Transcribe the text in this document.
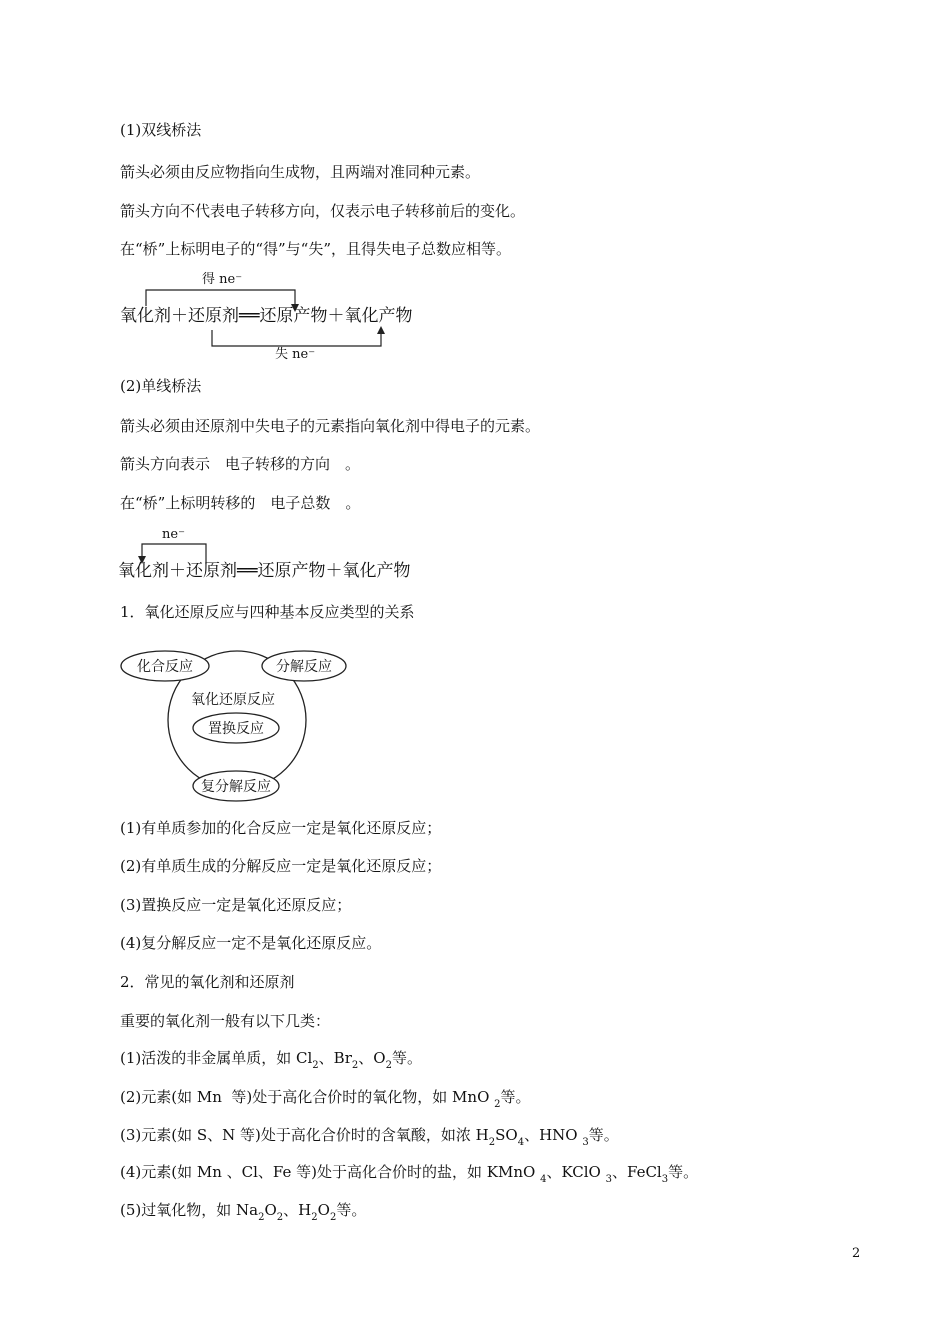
(1)双线桥法
箭头必须由反应物指向生成物，且两端对准同种元素。
箭头方向不代表电子转移方向，仅表示电子转移前后的变化。
在“桥”上标明电子的“得”与“失”，且得失电子总数应相等。
得 ne⁻
氧化剂＋还原剂══还原产物＋氧化产物
失 ne⁻
(2)单线桥法
箭头必须由还原剂中失电子的元素指向氧化剂中得电子的元素。
箭头方向表示　电子转移的方向　。
在“桥”上标明转移的　电子总数　。
ne⁻
氧化剂＋还原剂══还原产物＋氧化产物
1．氧化还原反应与四种基本反应类型的关系
化合反应	分解反应
氧化还原反应
置换反应
复分解反应
(1)有单质参加的化合反应一定是氧化还原反应；
(2)有单质生成的分解反应一定是氧化还原反应；
(3)置换反应一定是氧化还原反应；
(4)复分解反应一定不是氧化还原反应。
2．常见的氧化剂和还原剂
重要的氧化剂一般有以下几类：
(1)活泼的非金属单质，如 $Cl_2$、$Br_2$、$O_2$等。
(2)元素(如 Mn  等)处于高化合价时的氧化物，如 MnO $_2$等。
(3)元素(如 S、N 等)处于高化合价时的含氧酸，如浓 $H_2SO_4$、HNO $_3$等。
(4)元素(如 Mn 、Cl、Fe 等)处于高化合价时的盐，如 KMnO $_4$、KClO $_3$、FeCl$_3$等。
(5)过氧化物，如 $Na_2O_2$、$H_2O_2$等。
2
